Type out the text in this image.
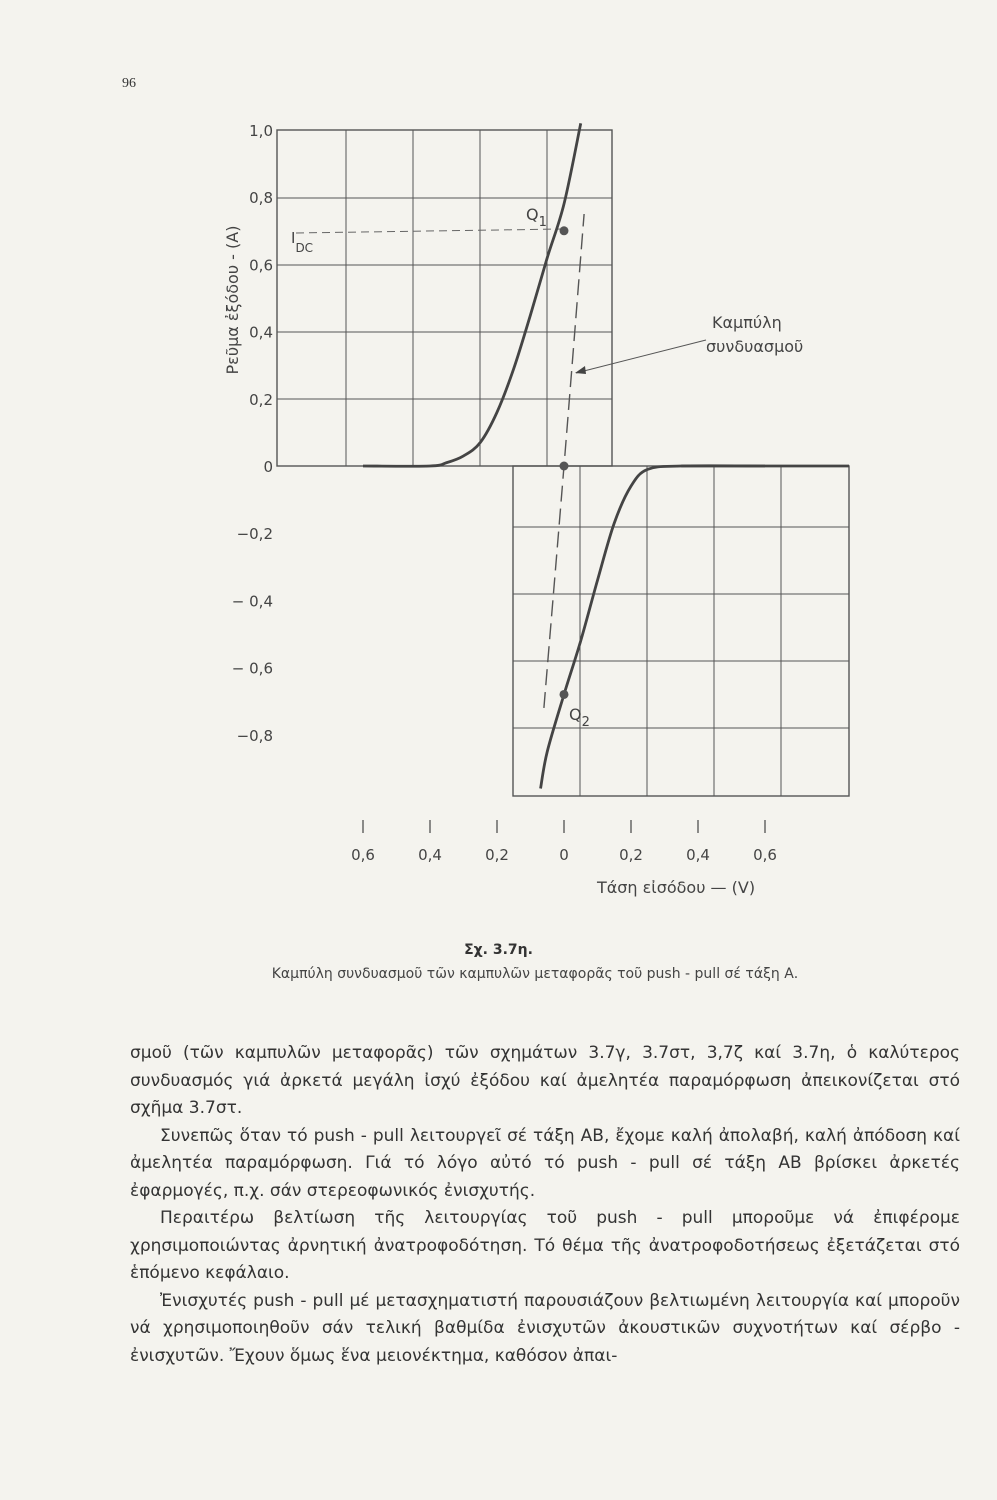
96
Ρεῦμα ἐξόδου - (A)
1,0
0,8
0,6
0,4
0,2
0
−0,2
− 0,4
− 0,6
−0,8
0,6	0,4	0,2	0	0,2	0,4	0,6
Τάση εἰσόδου — (V)
$I_{DC}$
$Q_1$
$Q_2$
Καμπύλη
συνδυασμοῦ
Σχ. 3.7η.
Καμπύλη συνδυασμοῦ τῶν καμπυλῶν μεταφορᾶς τοῦ push - pull σέ τάξη Α.

σμοῦ (τῶν καμπυλῶν μεταφορᾶς) τῶν σχημάτων 3.7γ, 3.7στ, 3,7ζ καί 3.7η, ὁ καλύτερος συνδυασμός γιά ἀρκετά μεγάλη ἰσχύ ἐξόδου καί ἀμελητέα παραμόρφωση ἀπεικονίζεται στό σχῆμα 3.7στ.

Συνεπῶς ὅταν τό push - pull λειτουργεῖ σέ τάξη ΑΒ, ἔχομε καλή ἀπολαβή, καλή ἀπόδοση καί ἀμελητέα παραμόρφωση. Γιά τό λόγο αὐτό τό push - pull σέ τάξη ΑΒ βρίσκει ἀρκετές ἐφαρμογές, π.χ. σάν στερεοφωνικός ἐνισχυτής.

Περαιτέρω βελτίωση τῆς λειτουργίας τοῦ push - pull μποροῦμε νά ἐπιφέρομε χρησιμοποιώντας ἀρνητική ἀνατροφοδότηση. Τό θέμα τῆς ἀνατροφοδοτήσεως ἐξετάζεται στό ἑπόμενο κεφάλαιο.

Ἐνισχυτές push - pull μέ μετασχηματιστή παρουσιάζουν βελτιωμένη λειτουργία καί μποροῦν νά χρησιμοποιηθοῦν σάν τελική βαθμίδα ἐνισχυτῶν ἀκουστικῶν συχνοτήτων καί σέρβο - ἐνισχυτῶν. Ἔχουν ὅμως ἕνα μειονέκτημα, καθόσον ἀπαι-
